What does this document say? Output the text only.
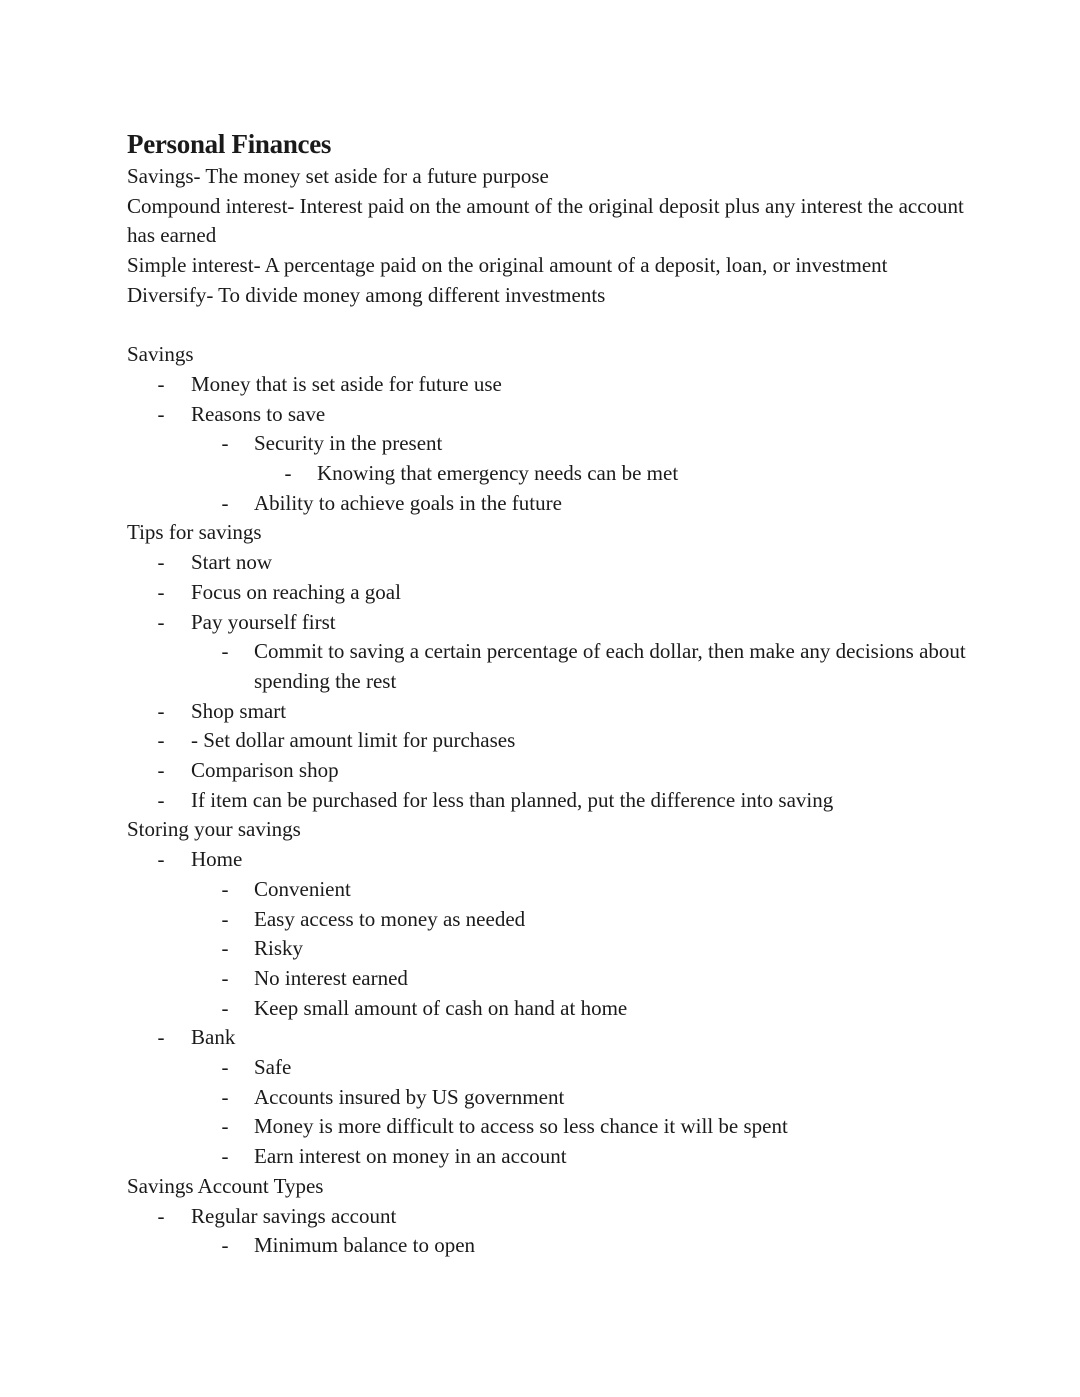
Personal Finances

Savings- The money set aside for a future purpose

Compound interest- Interest paid on the amount of the original deposit plus any interest the account has earned

Simple interest- A percentage paid on the original amount of a deposit, loan, or investment

Diversify- To divide money among different investments

Savings

- Money that is set aside for future use
- Reasons to save
- Security in the present
- Knowing that emergency needs can be met
- Ability to achieve goals in the future

Tips for savings

- Start now
- Focus on reaching a goal
- Pay yourself first
- Commit to saving a certain percentage of each dollar, then make any decisions about spending the rest
- Shop smart
- - Set dollar amount limit for purchases
- Comparison shop
- If item can be purchased for less than planned, put the difference into saving

Storing your savings

- Home
- Convenient
- Easy access to money as needed
- Risky
- No interest earned
- Keep small amount of cash on hand at home
- Bank
- Safe
- Accounts insured by US government
- Money is more difficult to access so less chance it will be spent
- Earn interest on money in an account

Savings Account Types

- Regular savings account
- Minimum balance to open
